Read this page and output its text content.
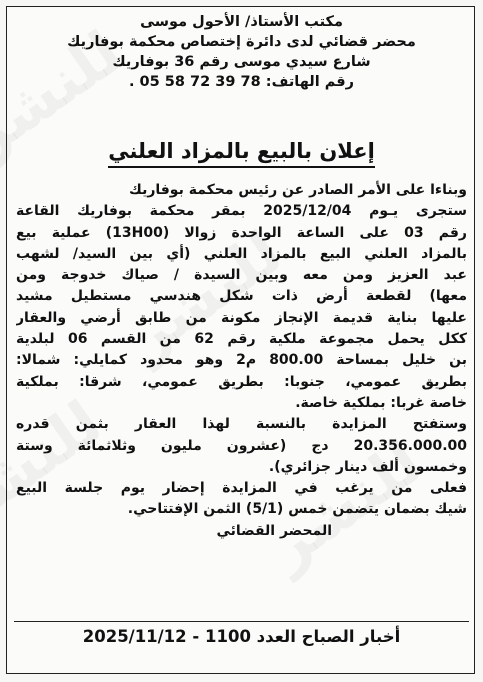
مكتب الأستاذ/ الأحول موسى
محضر قضائي لدى دائرة إختصاص محكمة بوفاريك
شارع سيدي موسى رقم 36 بوفاريك
رقم الهاتف: 78 39 72 58 05 .
إعلان بالبيع بالمزاد العلني
وبناءا على الأمر الصادر عن رئيس محكمة بوفاريك
ستجرى يـوم 2025/12/04 بمقر محكمة بوفاريك القاعة
رقم 03 على الساعة الواحدة زوالا (13H00) عملية بيع
بالمزاد العلني البيع بالمزاد العلني (أي بين السيد/ لشهب
عبد العزيز ومن معه وبين السيدة / صياك خدوجة ومن
معها) لقطعة أرض ذات شكل هندسي مستطيل مشيد
عليها بناية قديمة الإنجاز مكونة من طابق أرضي والعقار
ككل يحمل مجموعة ملكية رقم 62 من القسم 06 لبلدية
بن خليل بمساحة 800.00 م2 وهو محدود كمايلي: شمالا:
بطريق عمومي، جنوبا: بطريق عمومي، شرقا: بملكية
خاصة غربا: بملكية خاصة.
وستفتح المزايدة بالنسبة لهذا العقار بثمن قدره
20.356.000.00 دج (عشرون مليون وثلاثمائة وستة
وخمسون ألف دينار جزائري).
فعلى من يرغب في المزايدة إحضار يوم جلسة البيع
شيك بضمان يتضمن خمس (5/1) الثمن الإفتتاحي.
المحضر القضائي
أخبار الصباح العدد 1100 - 2025/11/12
